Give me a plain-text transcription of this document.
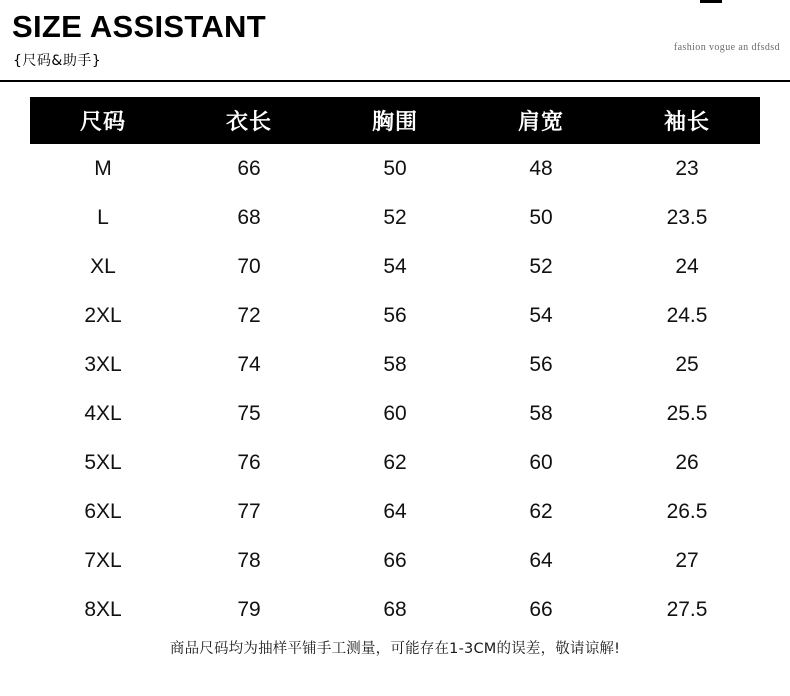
SIZE ASSISTANT
{尺码&助手}
fashion vogue an dfsdsd
尺码	衣长	胸围	肩宽	袖长
M	66	50	48	23
L	68	52	50	23.5
XL	70	54	52	24
2XL	72	56	54	24.5
3XL	74	58	56	25
4XL	75	60	58	25.5
5XL	76	62	60	26
6XL	77	64	62	26.5
7XL	78	66	64	27
8XL	79	68	66	27.5
商品尺码均为抽样平铺手工测量，可能存在1-3CM的误差，敬请谅解!
